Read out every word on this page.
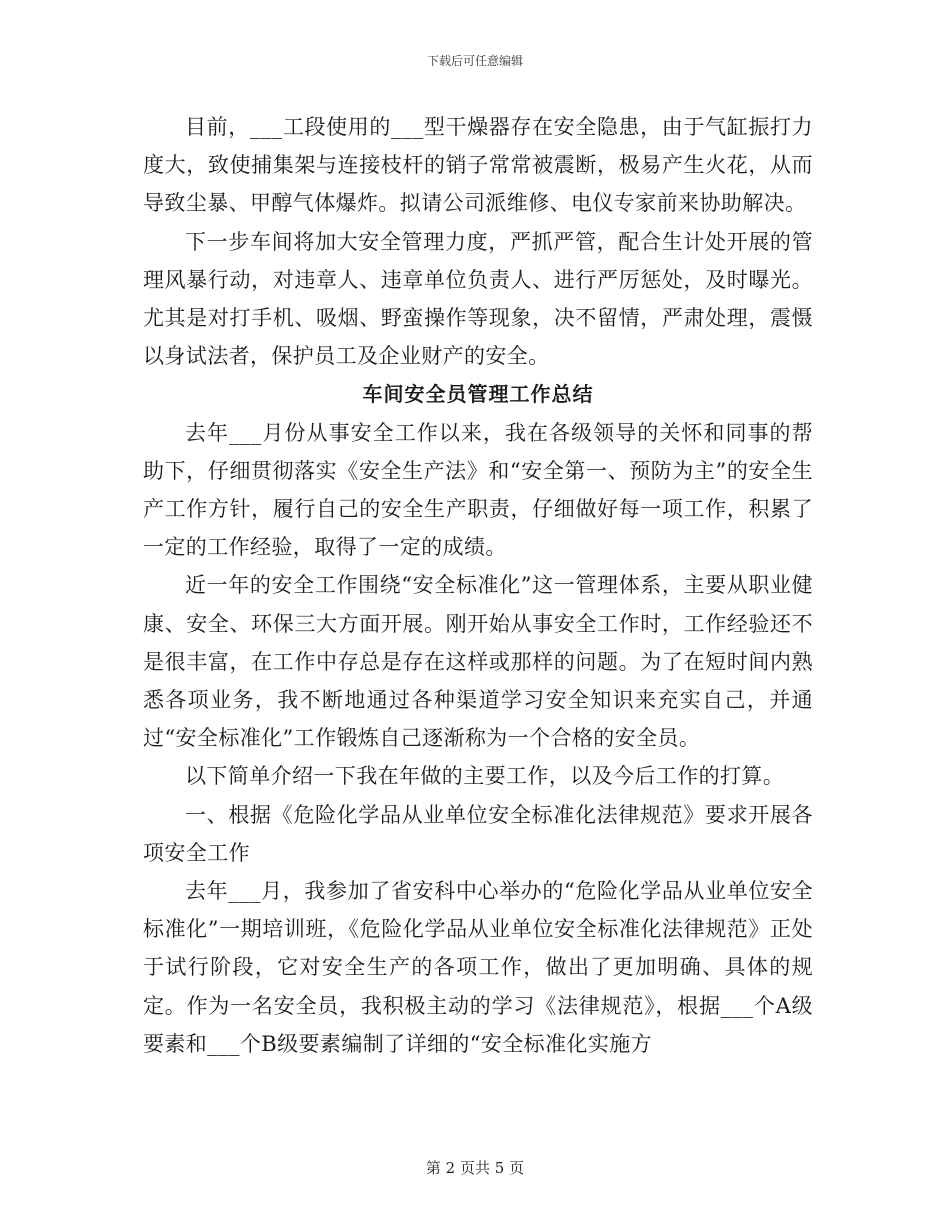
下载后可任意编辑

目前，___工段使用的___型干燥器存在安全隐患，由于气缸振打力度大，致使捕集架与连接枝杆的销子常常被震断，极易产生火花，从而导致尘暴、甲醇气体爆炸。拟请公司派维修、电仪专家前来协助解决。

下一步车间将加大安全管理力度，严抓严管，配合生计处开展的管理风暴行动，对违章人、违章单位负责人、进行严厉惩处，及时曝光。尤其是对打手机、吸烟、野蛮操作等现象，决不留情，严肃处理，震慑以身试法者，保护员工及企业财产的安全。

车间安全员管理工作总结

去年___月份从事安全工作以来，我在各级领导的关怀和同事的帮助下，仔细贯彻落实《安全生产法》和“安全第一、预防为主”的安全生产工作方针，履行自己的安全生产职责，仔细做好每一项工作，积累了一定的工作经验，取得了一定的成绩。

近一年的安全工作围绕“安全标准化”这一管理体系，主要从职业健康、安全、环保三大方面开展。刚开始从事安全工作时，工作经验还不是很丰富，在工作中存总是存在这样或那样的问题。为了在短时间内熟悉各项业务，我不断地通过各种渠道学习安全知识来充实自己，并通过“安全标准化”工作锻炼自己逐渐称为一个合格的安全员。

以下简单介绍一下我在年做的主要工作，以及今后工作的打算。

一、根据《危险化学品从业单位安全标准化法律规范》要求开展各项安全工作

去年___月，我参加了省安科中心举办的“危险化学品从业单位安全标准化”一期培训班，《危险化学品从业单位安全标准化法律规范》正处于试行阶段，它对安全生产的各项工作，做出了更加明确、具体的规定。作为一名安全员，我积极主动的学习《法律规范》，根据___个A级要素和___个B级要素编制了详细的“安全标准化实施方

第 2 页共 5 页
